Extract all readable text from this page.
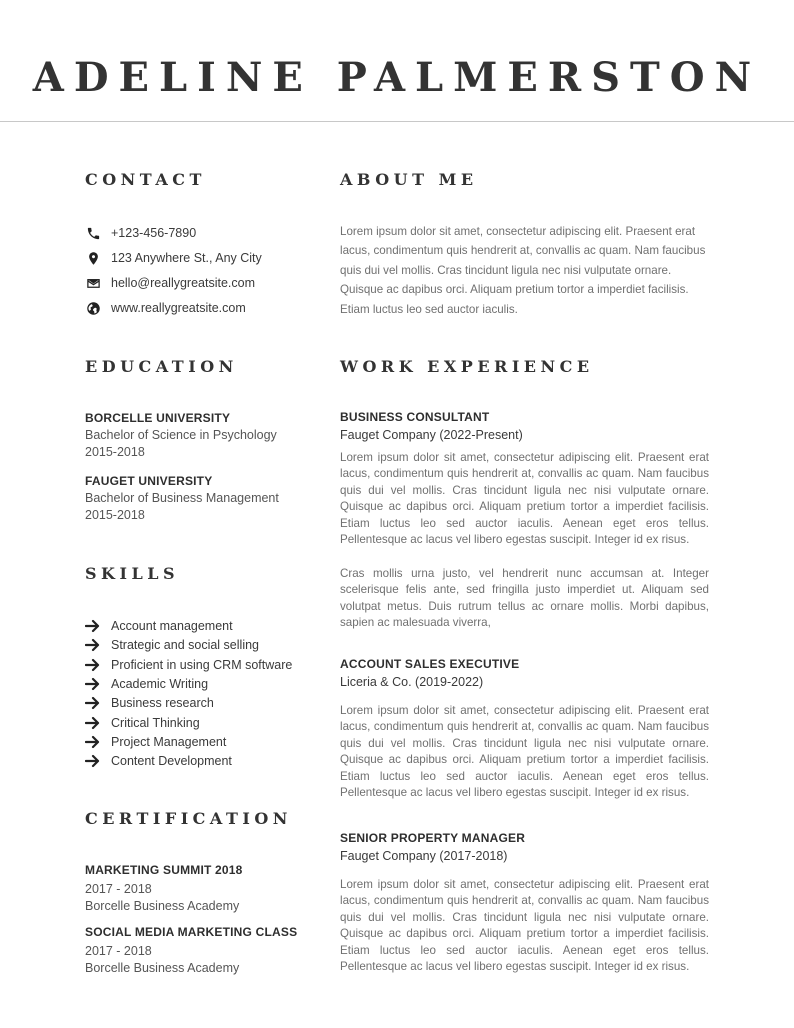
ADELINE PALMERSTON
CONTACT
+123-456-7890
123 Anywhere St., Any City
hello@reallygreatsite.com
www.reallygreatsite.com
ABOUT ME
Lorem ipsum dolor sit amet, consectetur adipiscing elit. Praesent erat lacus, condimentum quis hendrerit at, convallis ac quam. Nam faucibus quis dui vel mollis. Cras tincidunt ligula nec nisi vulputate ornare. Quisque ac dapibus orci. Aliquam pretium tortor a imperdiet facilisis. Etiam luctus leo sed auctor iaculis.
EDUCATION
BORCELLE UNIVERSITY
Bachelor of Science in Psychology
2015-2018
FAUGET UNIVERSITY
Bachelor of Business Management
2015-2018
SKILLS
Account management
Strategic and social selling
Proficient in using CRM software
Academic Writing
Business research
Critical Thinking
Project Management
Content Development
CERTIFICATION
MARKETING SUMMIT 2018
2017 - 2018
Borcelle Business Academy
SOCIAL MEDIA MARKETING CLASS
2017 - 2018
Borcelle Business Academy
WORK EXPERIENCE
BUSINESS CONSULTANT
Fauget Company (2022-Present)
Lorem ipsum dolor sit amet, consectetur adipiscing elit. Praesent erat lacus, condimentum quis hendrerit at, convallis ac quam. Nam faucibus quis dui vel mollis. Cras tincidunt ligula nec nisi vulputate ornare. Quisque ac dapibus orci. Aliquam pretium tortor a imperdiet facilisis. Etiam luctus leo sed auctor iaculis. Aenean eget eros tellus. Pellentesque ac lacus vel libero egestas suscipit. Integer id ex risus.
Cras mollis urna justo, vel hendrerit nunc accumsan at. Integer scelerisque felis ante, sed fringilla justo imperdiet ut. Aliquam sed volutpat metus. Duis rutrum tellus ac ornare mollis. Morbi dapibus, sapien ac malesuada viverra,
ACCOUNT SALES EXECUTIVE
Liceria & Co. (2019-2022)
Lorem ipsum dolor sit amet, consectetur adipiscing elit. Praesent erat lacus, condimentum quis hendrerit at, convallis ac quam. Nam faucibus quis dui vel mollis. Cras tincidunt ligula nec nisi vulputate ornare. Quisque ac dapibus orci. Aliquam pretium tortor a imperdiet facilisis. Etiam luctus leo sed auctor iaculis. Aenean eget eros tellus. Pellentesque ac lacus vel libero egestas suscipit. Integer id ex risus.
SENIOR PROPERTY MANAGER
Fauget Company (2017-2018)
Lorem ipsum dolor sit amet, consectetur adipiscing elit. Praesent erat lacus, condimentum quis hendrerit at, convallis ac quam. Nam faucibus quis dui vel mollis. Cras tincidunt ligula nec nisi vulputate ornare. Quisque ac dapibus orci. Aliquam pretium tortor a imperdiet facilisis. Etiam luctus leo sed auctor iaculis. Aenean eget eros tellus. Pellentesque ac lacus vel libero egestas suscipit. Integer id ex risus.
